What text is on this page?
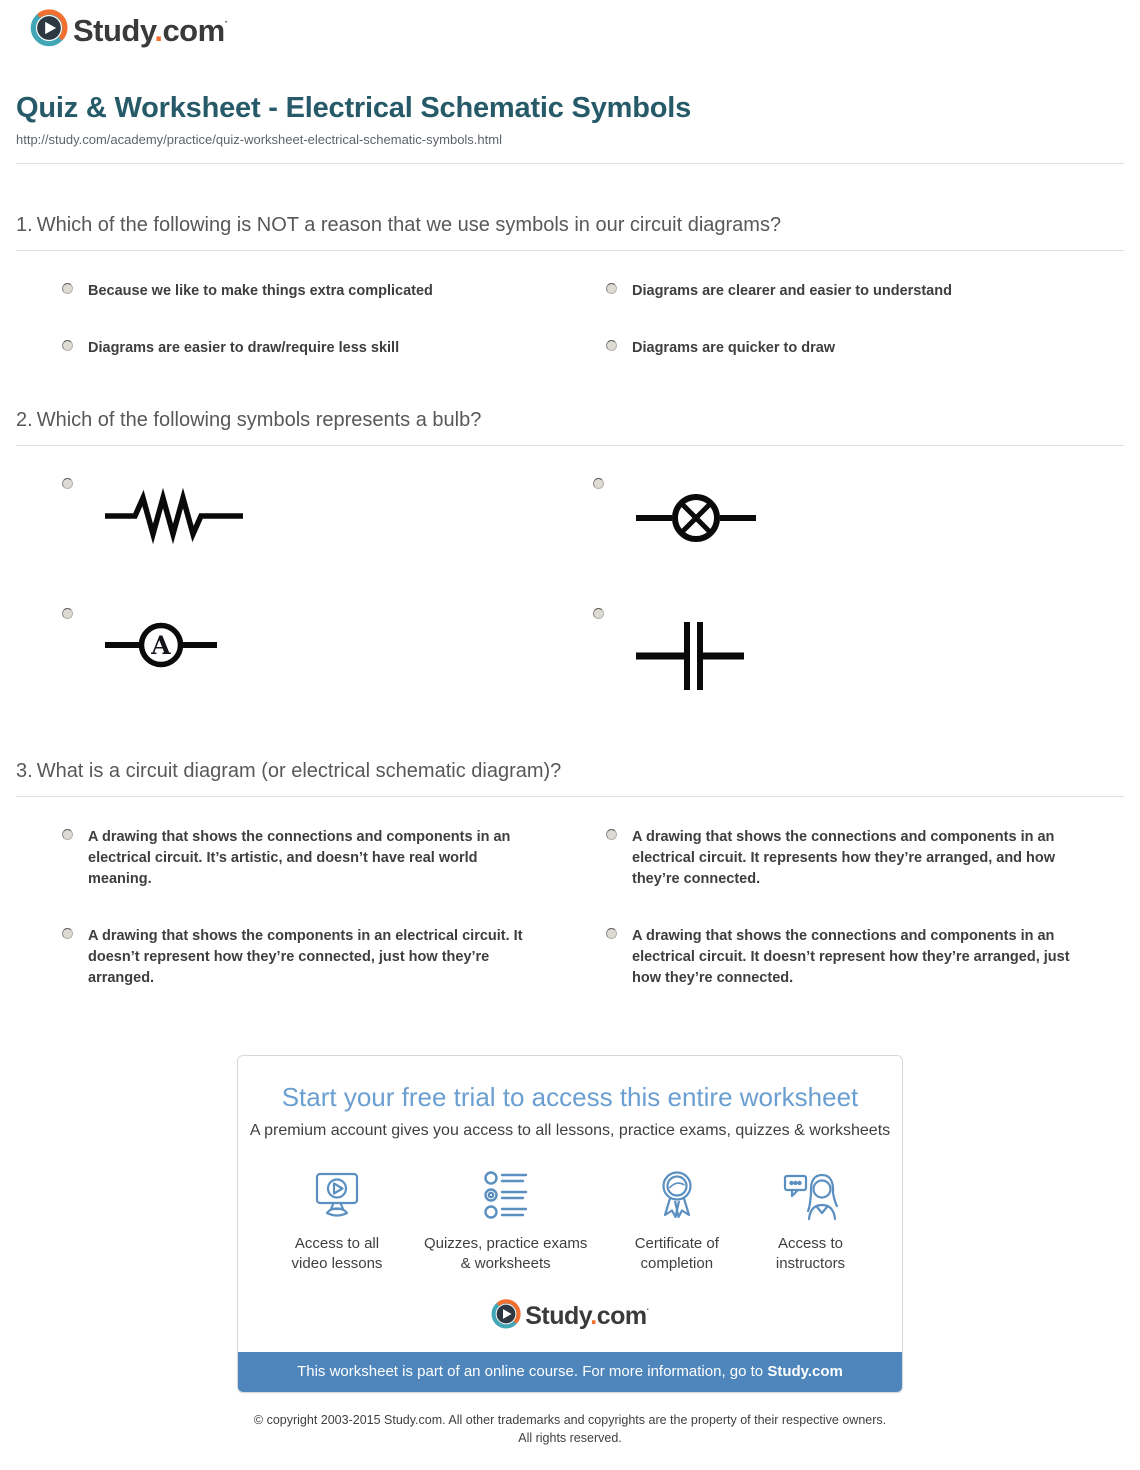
Study.com·
Quiz & Worksheet - Electrical Schematic Symbols
http://study.com/academy/practice/quiz-worksheet-electrical-schematic-symbols.html
1. Which of the following is NOT a reason that we use symbols in our circuit diagrams?
Because we like to make things extra complicated	Diagrams are clearer and easier to understand
Diagrams are easier to draw/require less skill	Diagrams are quicker to draw
2. Which of the following symbols represents a bulb?
A
3. What is a circuit diagram (or electrical schematic diagram)?
A drawing that shows the connections and components in an electrical circuit. It’s artistic, and doesn’t have real world meaning.
A drawing that shows the connections and components in an electrical circuit. It represents how they’re arranged, and how they’re connected.
A drawing that shows the components in an electrical circuit. It doesn’t represent how they’re connected, just how they’re arranged.
A drawing that shows the connections and components in an electrical circuit. It doesn’t represent how they’re arranged, just how they’re connected.
Start your free trial to access this entire worksheet
A premium account gives you access to all lessons, practice exams, quizzes & worksheets
Access to all video lessons
Quizzes, practice exams & worksheets
Certificate of completion
Access to instructors
Study.com·
This worksheet is part of an online course. For more information, go to Study.com
© copyright 2003-2015 Study.com. All other trademarks and copyrights are the property of their respective owners.
All rights reserved.
